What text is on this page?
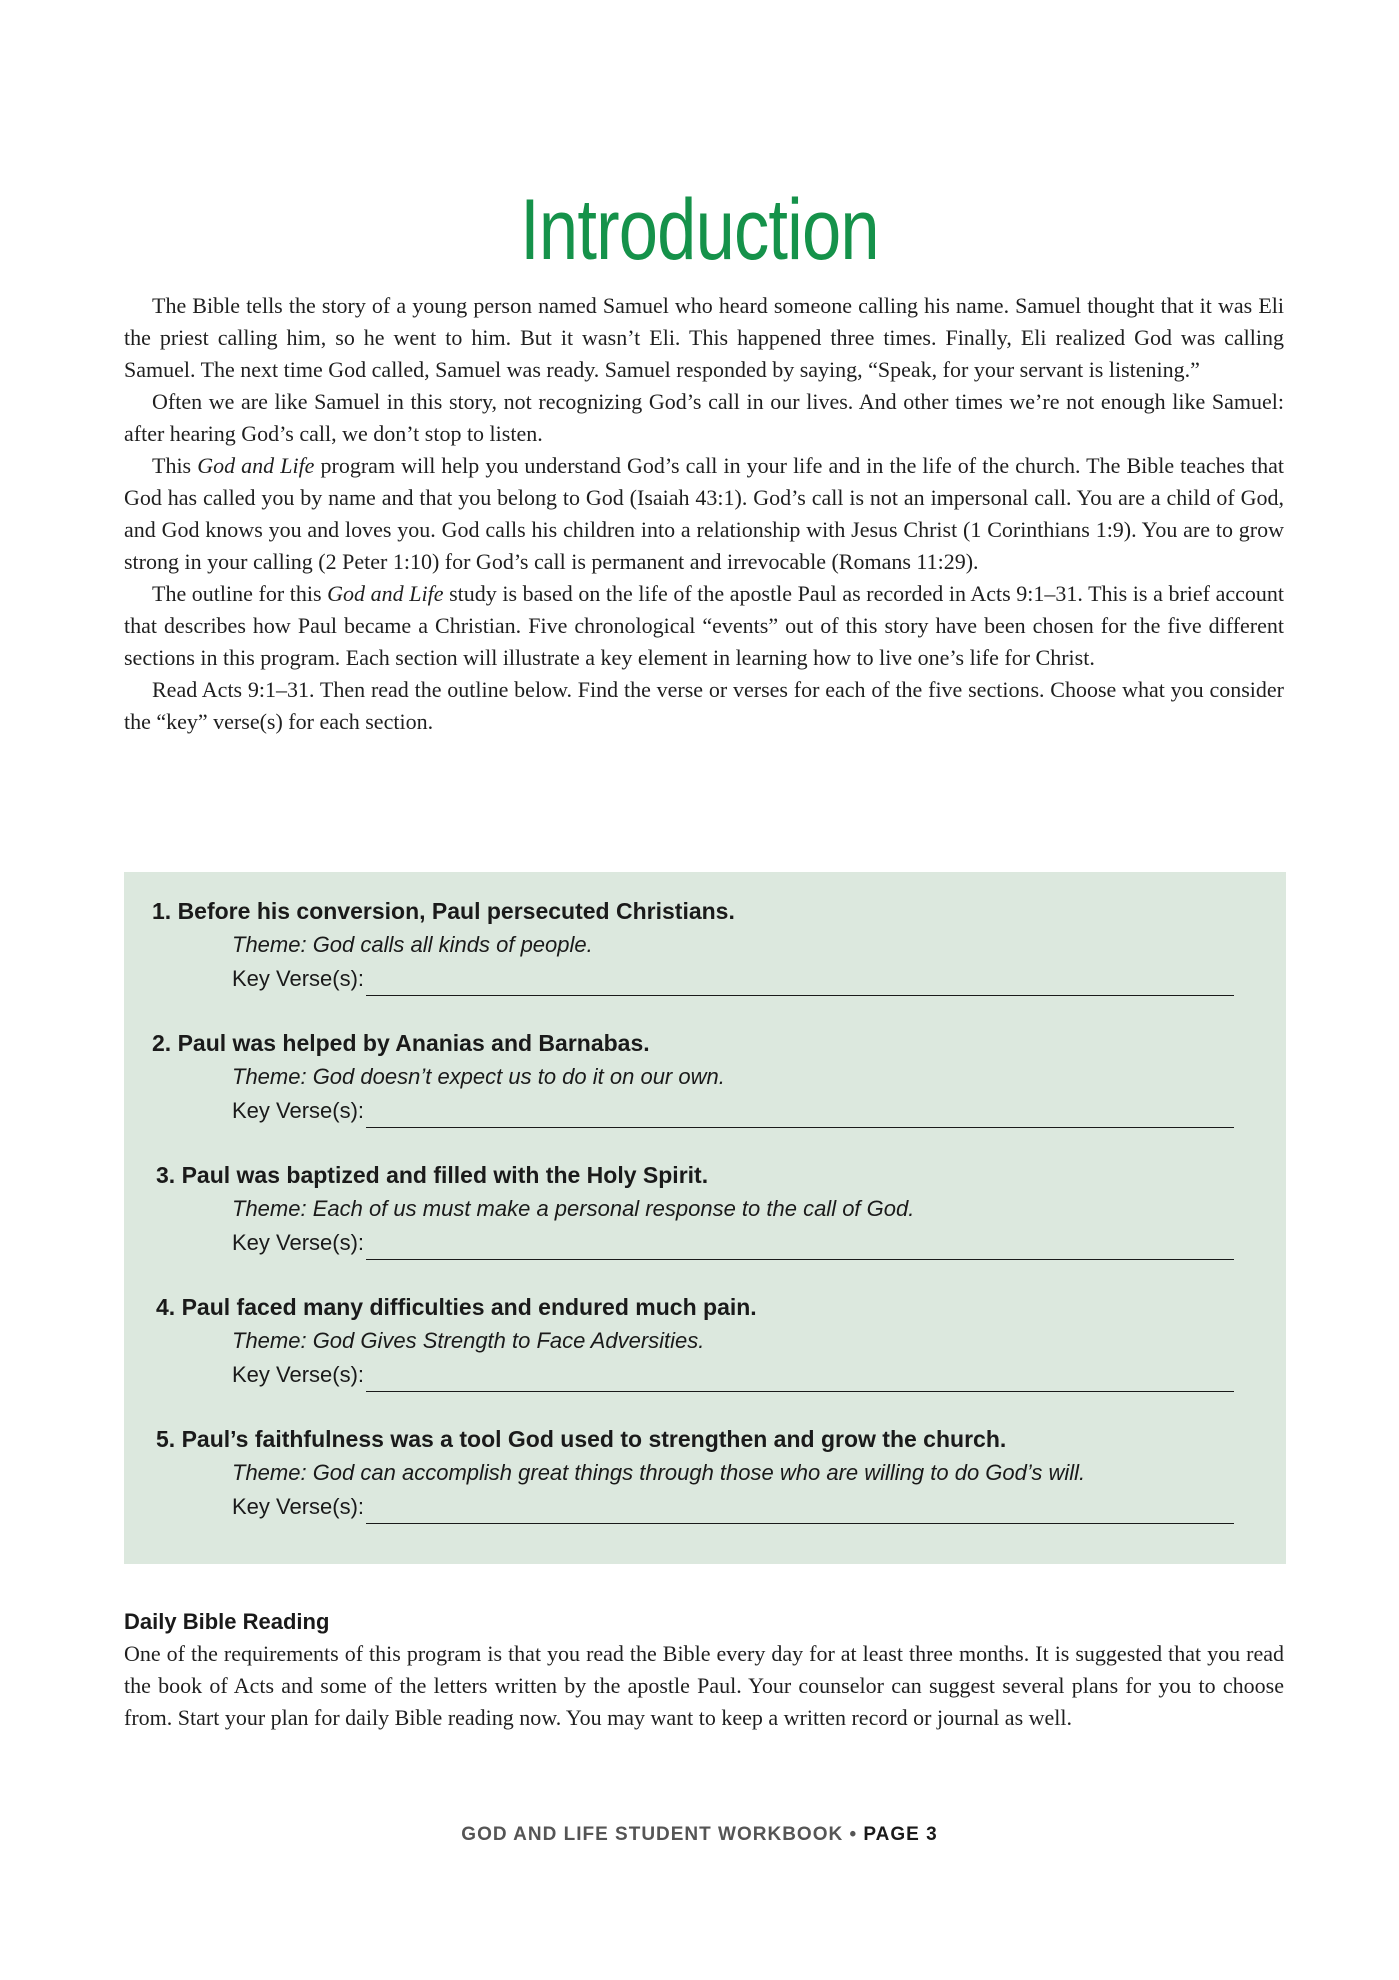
Introduction

The Bible tells the story of a young person named Samuel who heard someone calling his name. Samuel thought that it was Eli the priest calling him, so he went to him. But it wasn’t Eli. This happened three times. Finally, Eli realized God was calling Samuel. The next time God called, Samuel was ready. Samuel responded by saying, “Speak, for your servant is listening.”

Often we are like Samuel in this story, not recognizing God’s call in our lives. And other times we’re not enough like Samuel: after hearing God’s call, we don’t stop to listen.

This God and Life program will help you understand God’s call in your life and in the life of the church. The Bible teaches that God has called you by name and that you belong to God (Isaiah 43:1). God’s call is not an impersonal call. You are a child of God, and God knows you and loves you. God calls his children into a relationship with Jesus Christ (1 Corinthians 1:9). You are to grow strong in your calling (2 Peter 1:10) for God’s call is permanent and irrevocable (Romans 11:29).

The outline for this God and Life study is based on the life of the apostle Paul as recorded in Acts 9:1–31. This is a brief account that describes how Paul became a Christian. Five chronological “events” out of this story have been chosen for the five different sections in this program. Each section will illustrate a key element in learning how to live one’s life for Christ.

Read Acts 9:1–31. Then read the outline below. Find the verse or verses for each of the five sections. Choose what you consider the “key” verse(s) for each section.

1. Before his conversion, Paul persecuted Christians.
Theme: God calls all kinds of people.
Key Verse(s):
2. Paul was helped by Ananias and Barnabas.
Theme: God doesn’t expect us to do it on our own.
Key Verse(s):
3. Paul was baptized and filled with the Holy Spirit.
Theme: Each of us must make a personal response to the call of God.
Key Verse(s):
4. Paul faced many difficulties and endured much pain.
Theme: God Gives Strength to Face Adversities.
Key Verse(s):
5. Paul’s faithfulness was a tool God used to strengthen and grow the church.
Theme: God can accomplish great things through those who are willing to do God’s will.
Key Verse(s):
Daily Bible Reading

One of the requirements of this program is that you read the Bible every day for at least three months. It is suggested that you read the book of Acts and some of the letters written by the apostle Paul. Your counselor can suggest several plans for you to choose from. Start your plan for daily Bible reading now. You may want to keep a written record or journal as well.

GOD AND LIFE STUDENT WORKBOOK • PAGE 3
